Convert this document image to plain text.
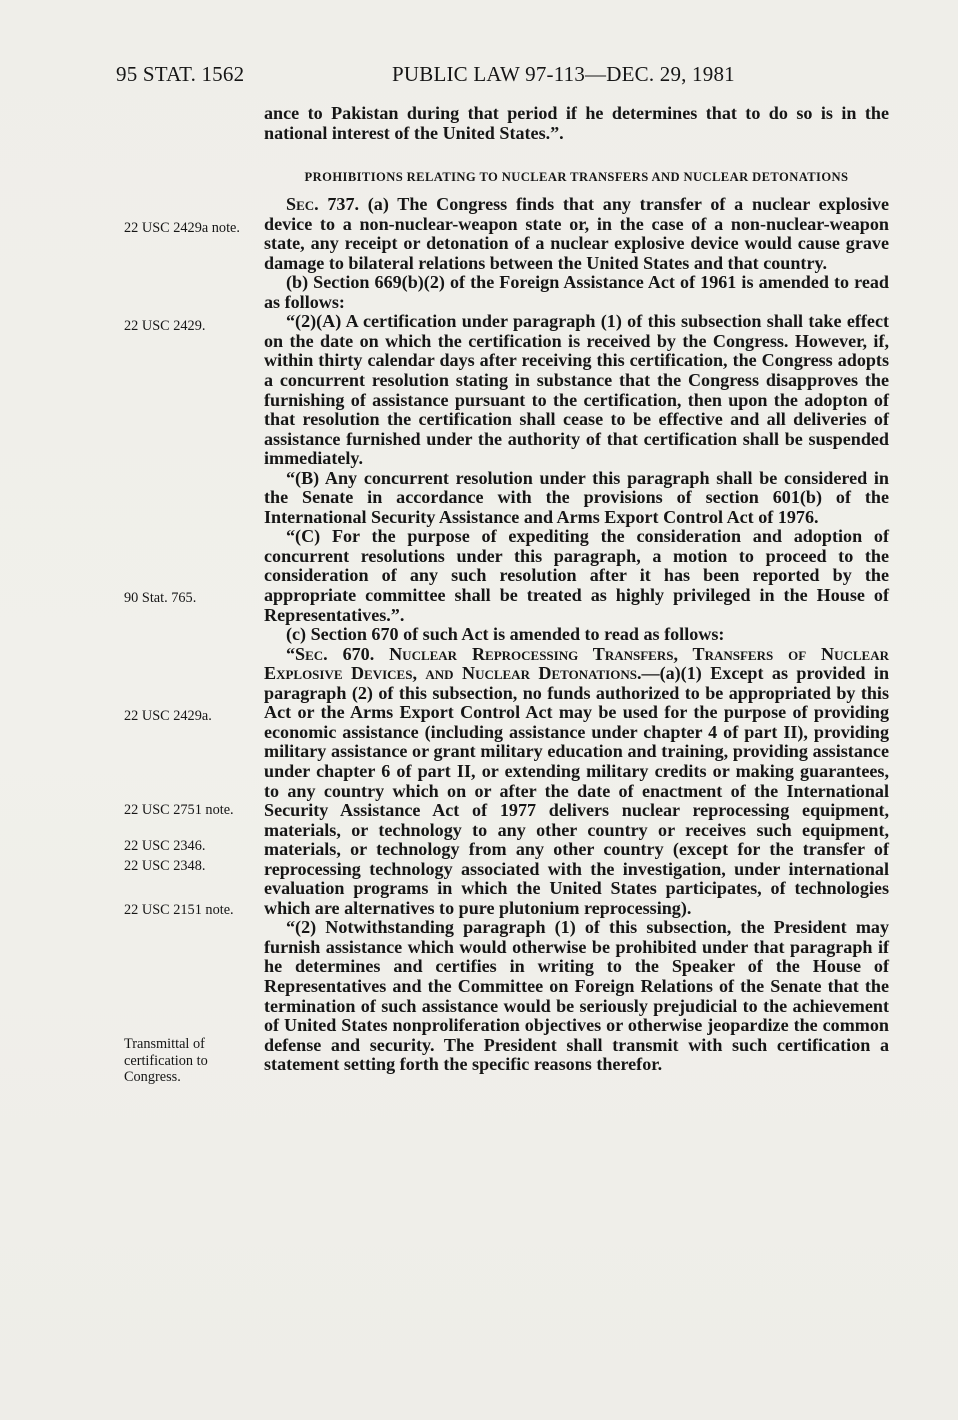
95 STAT. 1562	PUBLIC LAW 97-113—DEC. 29, 1981

ance to Pakistan during that period if he determines that to do so is in the national interest of the United States.”.

PROHIBITIONS RELATING TO NUCLEAR TRANSFERS AND NUCLEAR DETONATIONS

Sec. 737. (a) The Congress finds that any transfer of a nuclear explosive device to a non-nuclear-weapon state or, in the case of a non-nuclear-weapon state, any receipt or detonation of a nuclear explosive device would cause grave damage to bilateral relations between the United States and that country.

(b) Section 669(b)(2) of the Foreign Assistance Act of 1961 is amended to read as follows:

“(2)(A) A certification under paragraph (1) of this subsection shall take effect on the date on which the certification is received by the Congress. However, if, within thirty calendar days after receiving this certification, the Congress adopts a concurrent resolution stating in substance that the Congress disapproves the furnishing of assistance pursuant to the certification, then upon the adopton of that resolution the certification shall cease to be effective and all deliveries of assistance furnished under the authority of that certification shall be suspended immediately.

“(B) Any concurrent resolution under this paragraph shall be considered in the Senate in accordance with the provisions of section 601(b) of the International Security Assistance and Arms Export Control Act of 1976.

“(C) For the purpose of expediting the consideration and adoption of concurrent resolutions under this paragraph, a motion to proceed to the consideration of any such resolution after it has been reported by the appropriate committee shall be treated as highly privileged in the House of Representatives.”.

(c) Section 670 of such Act is amended to read as follows:

“Sec. 670. Nuclear Reprocessing Transfers, Transfers of Nuclear Explosive Devices, and Nuclear Detonations.—(a)(1) Except as provided in paragraph (2) of this subsection, no funds authorized to be appropriated by this Act or the Arms Export Control Act may be used for the purpose of providing economic assistance (including assistance under chapter 4 of part II), providing military assistance or grant military education and training, providing assistance under chapter 6 of part II, or extending military credits or making guarantees, to any country which on or after the date of enactment of the International Security Assistance Act of 1977 delivers nuclear reprocessing equipment, materials, or technology to any other country or receives such equipment, materials, or technology from any other country (except for the transfer of reprocessing technology associated with the investigation, under international evaluation programs in which the United States participates, of technologies which are alternatives to pure plutonium reprocessing).

“(2) Notwithstanding paragraph (1) of this subsection, the President may furnish assistance which would otherwise be prohibited under that paragraph if he determines and certifies in writing to the Speaker of the House of Representatives and the Committee on Foreign Relations of the Senate that the termination of such assistance would be seriously prejudicial to the achievement of United States nonproliferation objectives or otherwise jeopardize the common defense and security. The President shall transmit with such certification a statement setting forth the specific reasons therefor.

22 USC 2429a note.
22 USC 2429.
90 Stat. 765.
22 USC 2429a.
22 USC 2751 note.
22 USC 2346.
22 USC 2348.
22 USC 2151 note.
Transmittal of certification to Congress.
